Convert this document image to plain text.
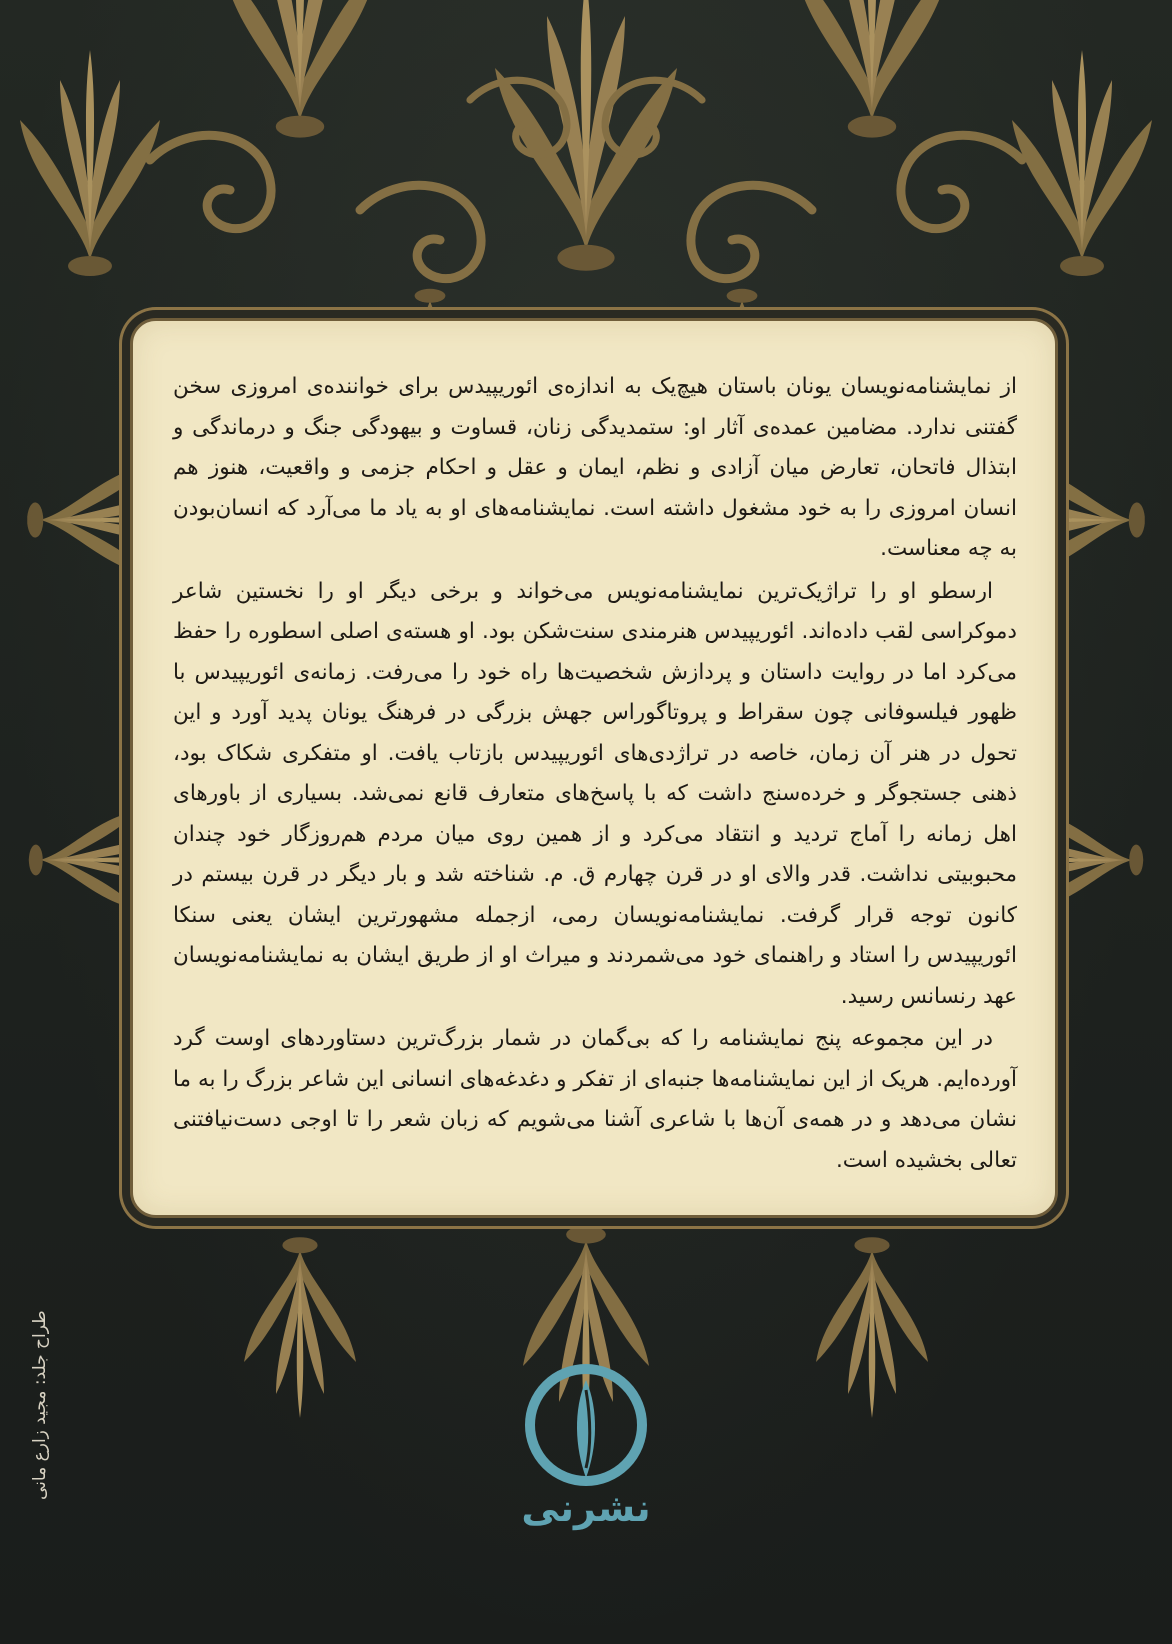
از نمایشنامه‌نویسان یونان باستان هیچ‌یک به اندازه‌ی ائوریپیدس برای خواننده‌ی امروزی سخن گفتنی ندارد. مضامین عمده‌ی آثار او: ستمدیدگی زنان، قساوت و بیهودگی جنگ و درماندگی و ابتذال فاتحان، تعارض میان آزادی و نظم، ایمان و عقل و احکام جزمی و واقعیت، هنوز هم انسان امروزی را به خود مشغول داشته است. نمایشنامه‌های او به یاد ما می‌آرد که انسان‌بودن به چه معناست.

ارسطو او را تراژیک‌ترین نمایشنامه‌نویس می‌خواند و برخی دیگر او را نخستین شاعر دموکراسی لقب داده‌اند. ائوریپیدس هنرمندی سنت‌شکن بود. او هسته‌ی اصلی اسطوره را حفظ می‌کرد اما در روایت داستان و پردازش شخصیت‌ها راه خود را می‌رفت. زمانه‌ی ائوریپیدس با ظهور فیلسوفانی چون سقراط و پروتاگوراس جهش بزرگی در فرهنگ یونان پدید آورد و این تحول در هنر آن زمان، خاصه در تراژدی‌های ائوریپیدس بازتاب یافت. او متفکری شکاک بود، ذهنی جستجوگر و خرده‌سنج داشت که با پاسخ‌های متعارف قانع نمی‌شد. بسیاری از باورهای اهل زمانه را آماج تردید و انتقاد می‌کرد و از همین روی میان مردم هم‌روزگار خود چندان محبوبیتی نداشت. قدر والای او در قرن چهارم ق. م. شناخته شد و بار دیگر در قرن بیستم در کانون توجه قرار گرفت. نمایشنامه‌نویسان رمی، ازجمله مشهورترین ایشان یعنی سنکا ائوریپیدس را استاد و راهنمای خود می‌شمردند و میراث او از طریق ایشان به نمایشنامه‌نویسان عهد رنسانس رسید.

در این مجموعه پنج نمایشنامه را که بی‌گمان در شمار بزرگ‌ترین دستاوردهای اوست گرد آورده‌ایم. هریک از این نمایشنامه‌ها جنبه‌ای از تفکر و دغدغه‌های انسانی این شاعر بزرگ را به ما نشان می‌دهد و در همه‌ی آن‌ها با شاعری آشنا می‌شویم که زبان شعر را تا اوجی دست‌نیافتنی تعالی بخشیده است.

نشرنی
طراح جلد: مجید زارع مانی
